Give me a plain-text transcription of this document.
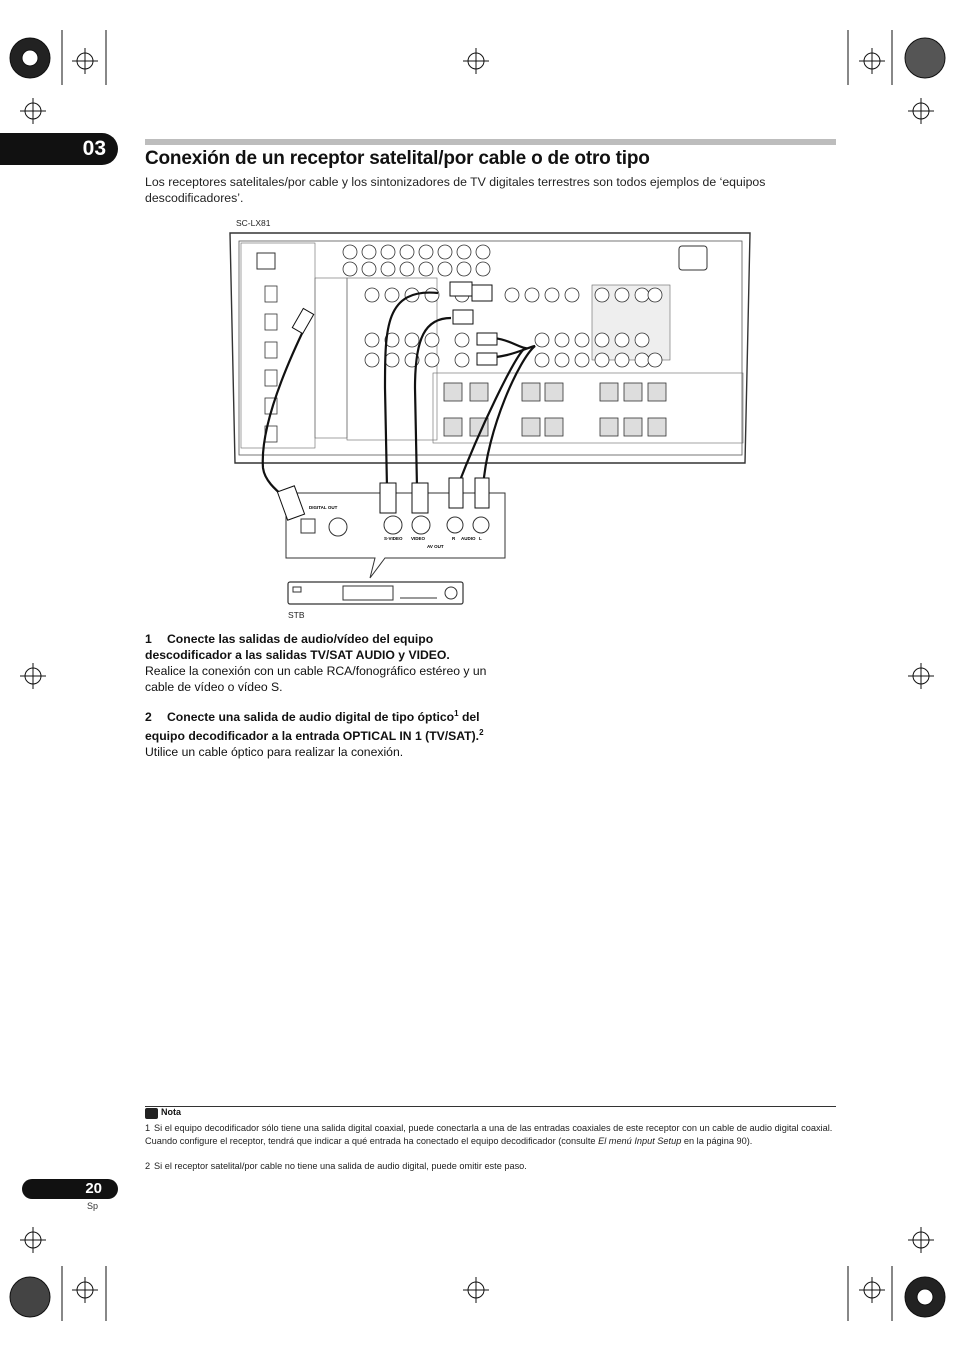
03 Conexión de un receptor satelital/por cable o de otro tipo
Los receptores satelitales/por cable y los sintonizadores de TV digitales terrestres son todos ejemplos de ‘equipos descodificadores’.
SC-LX81
DIGITAL OUT
S-VIDEO VIDEO	R AUDIO L
AV OUT
STB
1 Conecte las salidas de audio/vídeo del equipo descodificador a las salidas TV/SAT AUDIO y VIDEO.
Realice la conexión con un cable RCA/fonográfico estéreo y un cable de vídeo o vídeo S.
2 Conecte una salida de audio digital de tipo óptico$^1$ del equipo decodificador a la entrada OPTICAL IN 1 (TV/SAT).$^2$
Utilice un cable óptico para realizar la conexión.
Nota
1 Si el equipo decodificador sólo tiene una salida digital coaxial, puede conectarla a una de las entradas coaxiales de este receptor con un cable de audio digital coaxial. Cuando configure el receptor, tendrá que indicar a qué entrada ha conectado el equipo decodificador (consulte El menú Input Setup en la página 90).
2 Si el receptor satelital/por cable no tiene una salida de audio digital, puede omitir este paso.
20
Sp
